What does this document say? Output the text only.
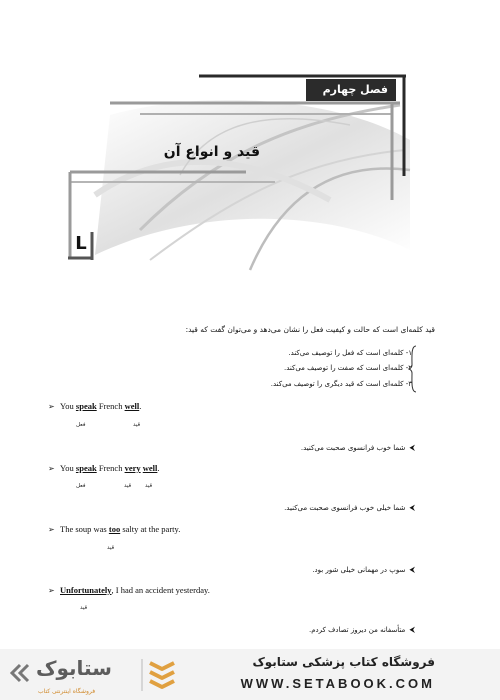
فصل چهارم
قید و انواع آن
L
قید کلمه‌ای است که حالت و کیفیت فعل را نشان می‌دهد و می‌توان گفت که قید:
۱- کلمه‌ای است که فعل را توصیف می‌کند.
۲- کلمه‌ای است که صفت را توصیف می‌کند.
۳- کلمه‌ای است که قید دیگری را توصیف می‌کند.
➢ You speak French well.
فعل	قید
⮜شما خوب فرانسوی صحبت می‌کنید.
➢ You speak French very well.
فعل	قید	قید
⮜شما خیلی خوب فرانسوی صحبت می‌کنید.
➢ The soup was too salty at the party.
قید
⮜سوپ در مهمانی خیلی شور بود.
➢ Unfortunately, I had an accident yesterday.
قید
⮜متأسفانه من دیروز تصادف کردم.
ستابوک
فروشگاه اینترنتی کتاب
فروشگاه کتاب پزشکی ستابوک
WWW.SETABOOK.COM
